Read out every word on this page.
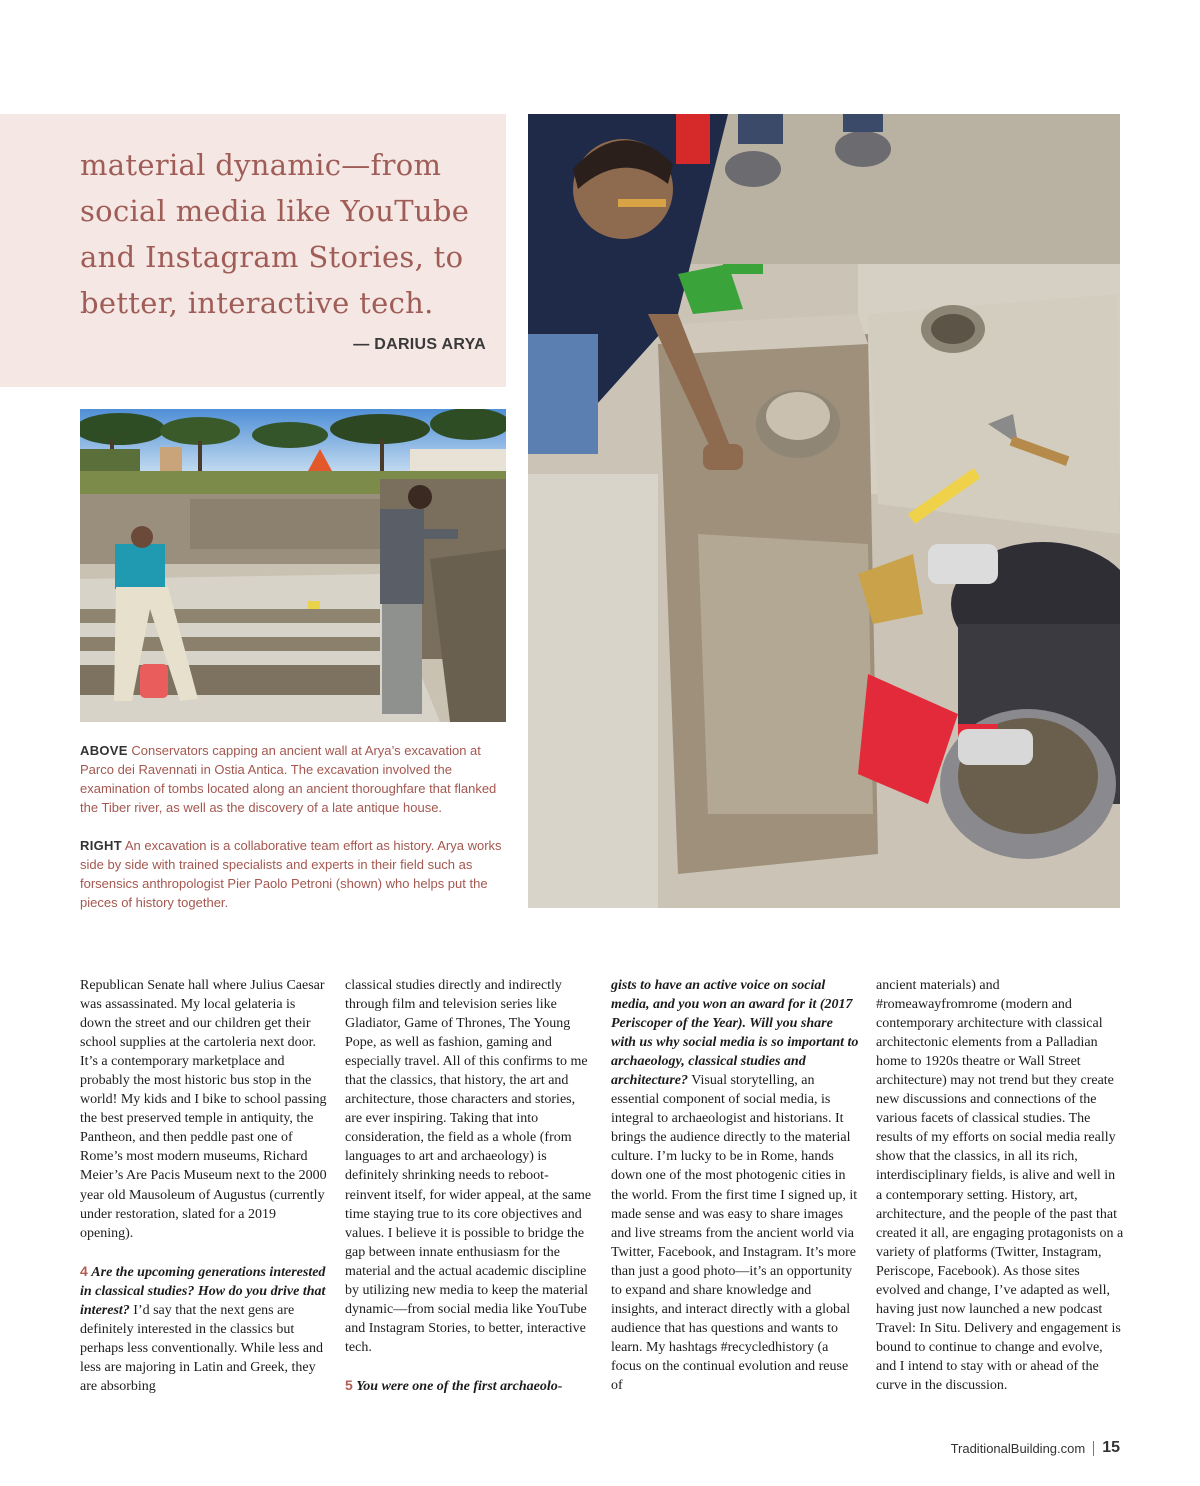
material dynamic—from
social media like YouTube
and Instagram Stories, to
better, interactive tech.

— DARIUS ARYA
ABOVE Conservators capping an ancient wall at Arya’s excavation at Parco dei Ravennati in Ostia Antica. The excavation involved the examination of tombs located along an ancient thoroughfare that flanked the Tiber river, as well as the discovery of a late antique house.
RIGHT An excavation is a collaborative team effort as history. Arya works side by side with trained specialists and experts in their field such as forsensics anthropologist Pier Paolo Petroni (shown) who helps put the pieces of history together.

Republican Senate hall where Julius Caesar was assassinated. My local gelateria is down the street and our children get their school supplies at the cartoleria next door. It’s a contemporary marketplace and probably the most historic bus stop in the world! My kids and I bike to school passing the best preserved temple in antiquity, the Pantheon, and then peddle past one of Rome’s most modern museums, Richard Meier’s Are Pacis Museum next to the 2000 year old Mausoleum of Augustus (currently under restoration, slated for a 2019 opening).

4 Are the upcoming generations interested in classical studies? How do you drive that interest? I’d say that the next gens are definitely interested in the classics but perhaps less conventionally. While less and less are majoring in Latin and Greek, they are absorbing

classical studies directly and indirectly through film and television series like Gladiator, Game of Thrones, The Young Pope, as well as fashion, gaming and especially travel. All of this confirms to me that the classics, that history, the art and architecture, those characters and stories, are ever inspiring. Taking that into consideration, the field as a whole (from languages to art and archaeology) is definitely shrinking needs to reboot-reinvent itself, for wider appeal, at the same time staying true to its core objectives and values. I believe it is possible to bridge the gap between innate enthusiasm for the material and the actual academic discipline by utilizing new media to keep the material dynamic—from social media like YouTube and Instagram Stories, to better, interactive tech.

5 You were one of the first archaeolo-

gists to have an active voice on social media, and you won an award for it (2017 Periscoper of the Year). Will you share with us why social media is so important to archaeology, classical studies and architecture? Visual storytelling, an essential component of social media, is integral to archaeologist and historians. It brings the audience directly to the material culture. I’m lucky to be in Rome, hands down one of the most photogenic cities in the world. From the first time I signed up, it made sense and was easy to share images and live streams from the ancient world via Twitter, Facebook, and Instagram. It’s more than just a good photo—it’s an opportunity to expand and share knowledge and insights, and interact directly with a global audience that has questions and wants to learn. My hashtags #recycledhistory (a focus on the continual evolution and reuse of

ancient materials) and #romeawayfromrome (modern and contemporary architecture with classical architectonic elements from a Palladian home to 1920s theatre or Wall Street architecture) may not trend but they create new discussions and connections of the various facets of classical studies. The results of my efforts on social media really show that the classics, in all its rich, interdisciplinary fields, is alive and well in a contemporary setting. History, art, architecture, and the people of the past that created it all, are engaging protagonists on a variety of platforms (Twitter, Instagram, Periscope, Facebook). As those sites evolved and change, I’ve adapted as well, having just now launched a new podcast Travel: In Situ. Delivery and engagement is bound to continue to change and evolve, and I intend to stay with or ahead of the curve in the discussion.

TraditionalBuilding.com 15
